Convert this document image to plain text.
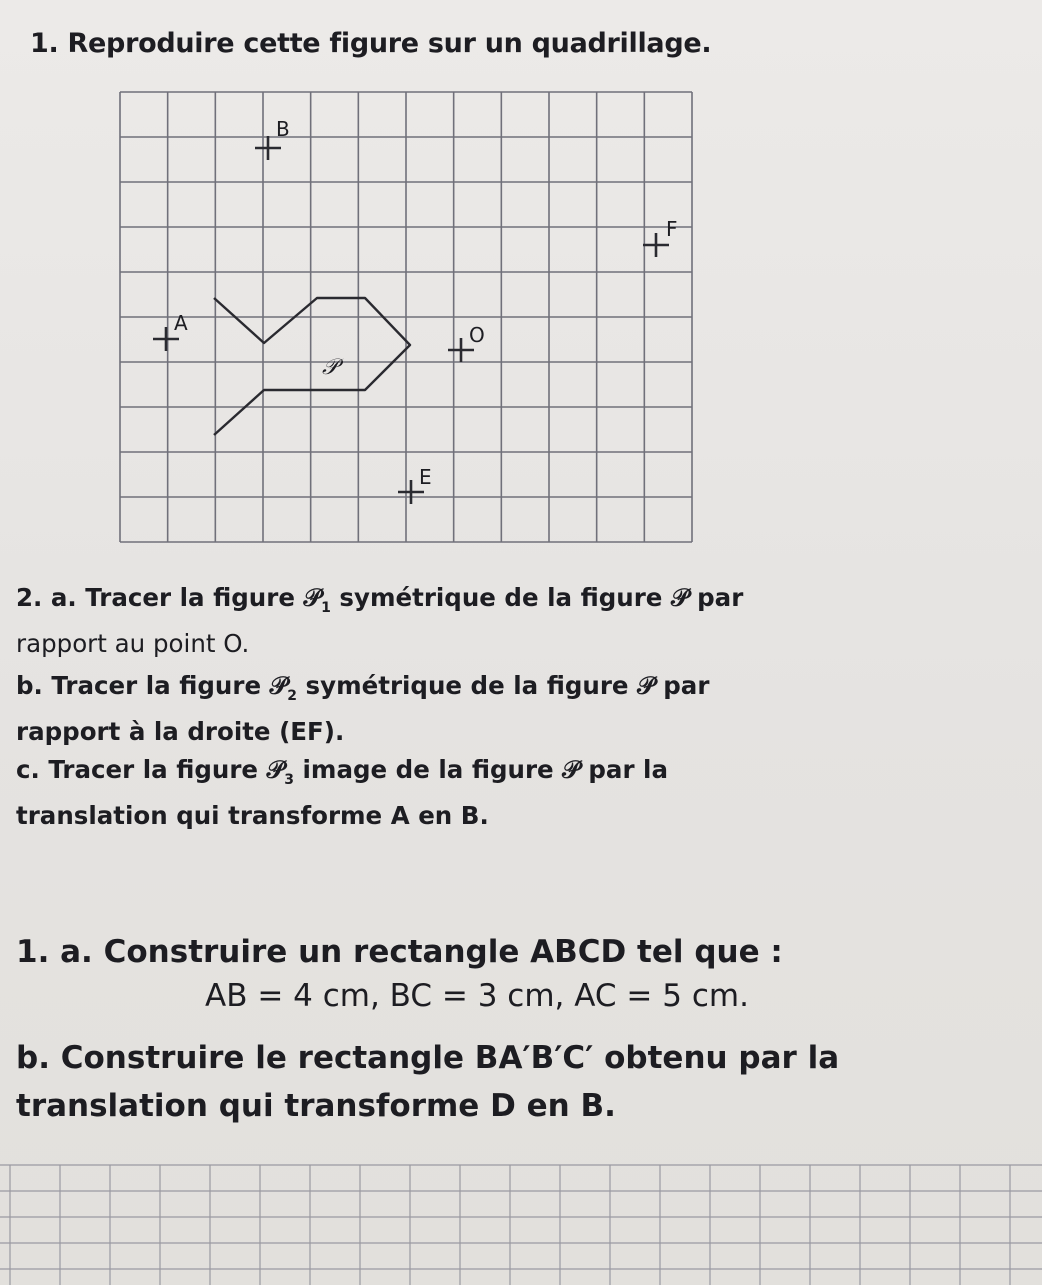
1. Reproduire cette figure sur un quadrillage.

B
F
A	O
E
𝒫

2. a. Tracer la figure 𝒫$_1$ symétrique de la figure 𝒫 par
rapport au point O.

b. Tracer la figure 𝒫$_2$ symétrique de la figure 𝒫 par
rapport à la droite (EF).

c. Tracer la figure 𝒫$_3$ image de la figure 𝒫 par la
translation qui transforme A en B.

1. a. Construire un rectangle ABCD tel que :

AB = 4 cm, BC = 3 cm, AC = 5 cm.

b. Construire le rectangle BA′B′C′ obtenu par la
translation qui transforme D en B.
